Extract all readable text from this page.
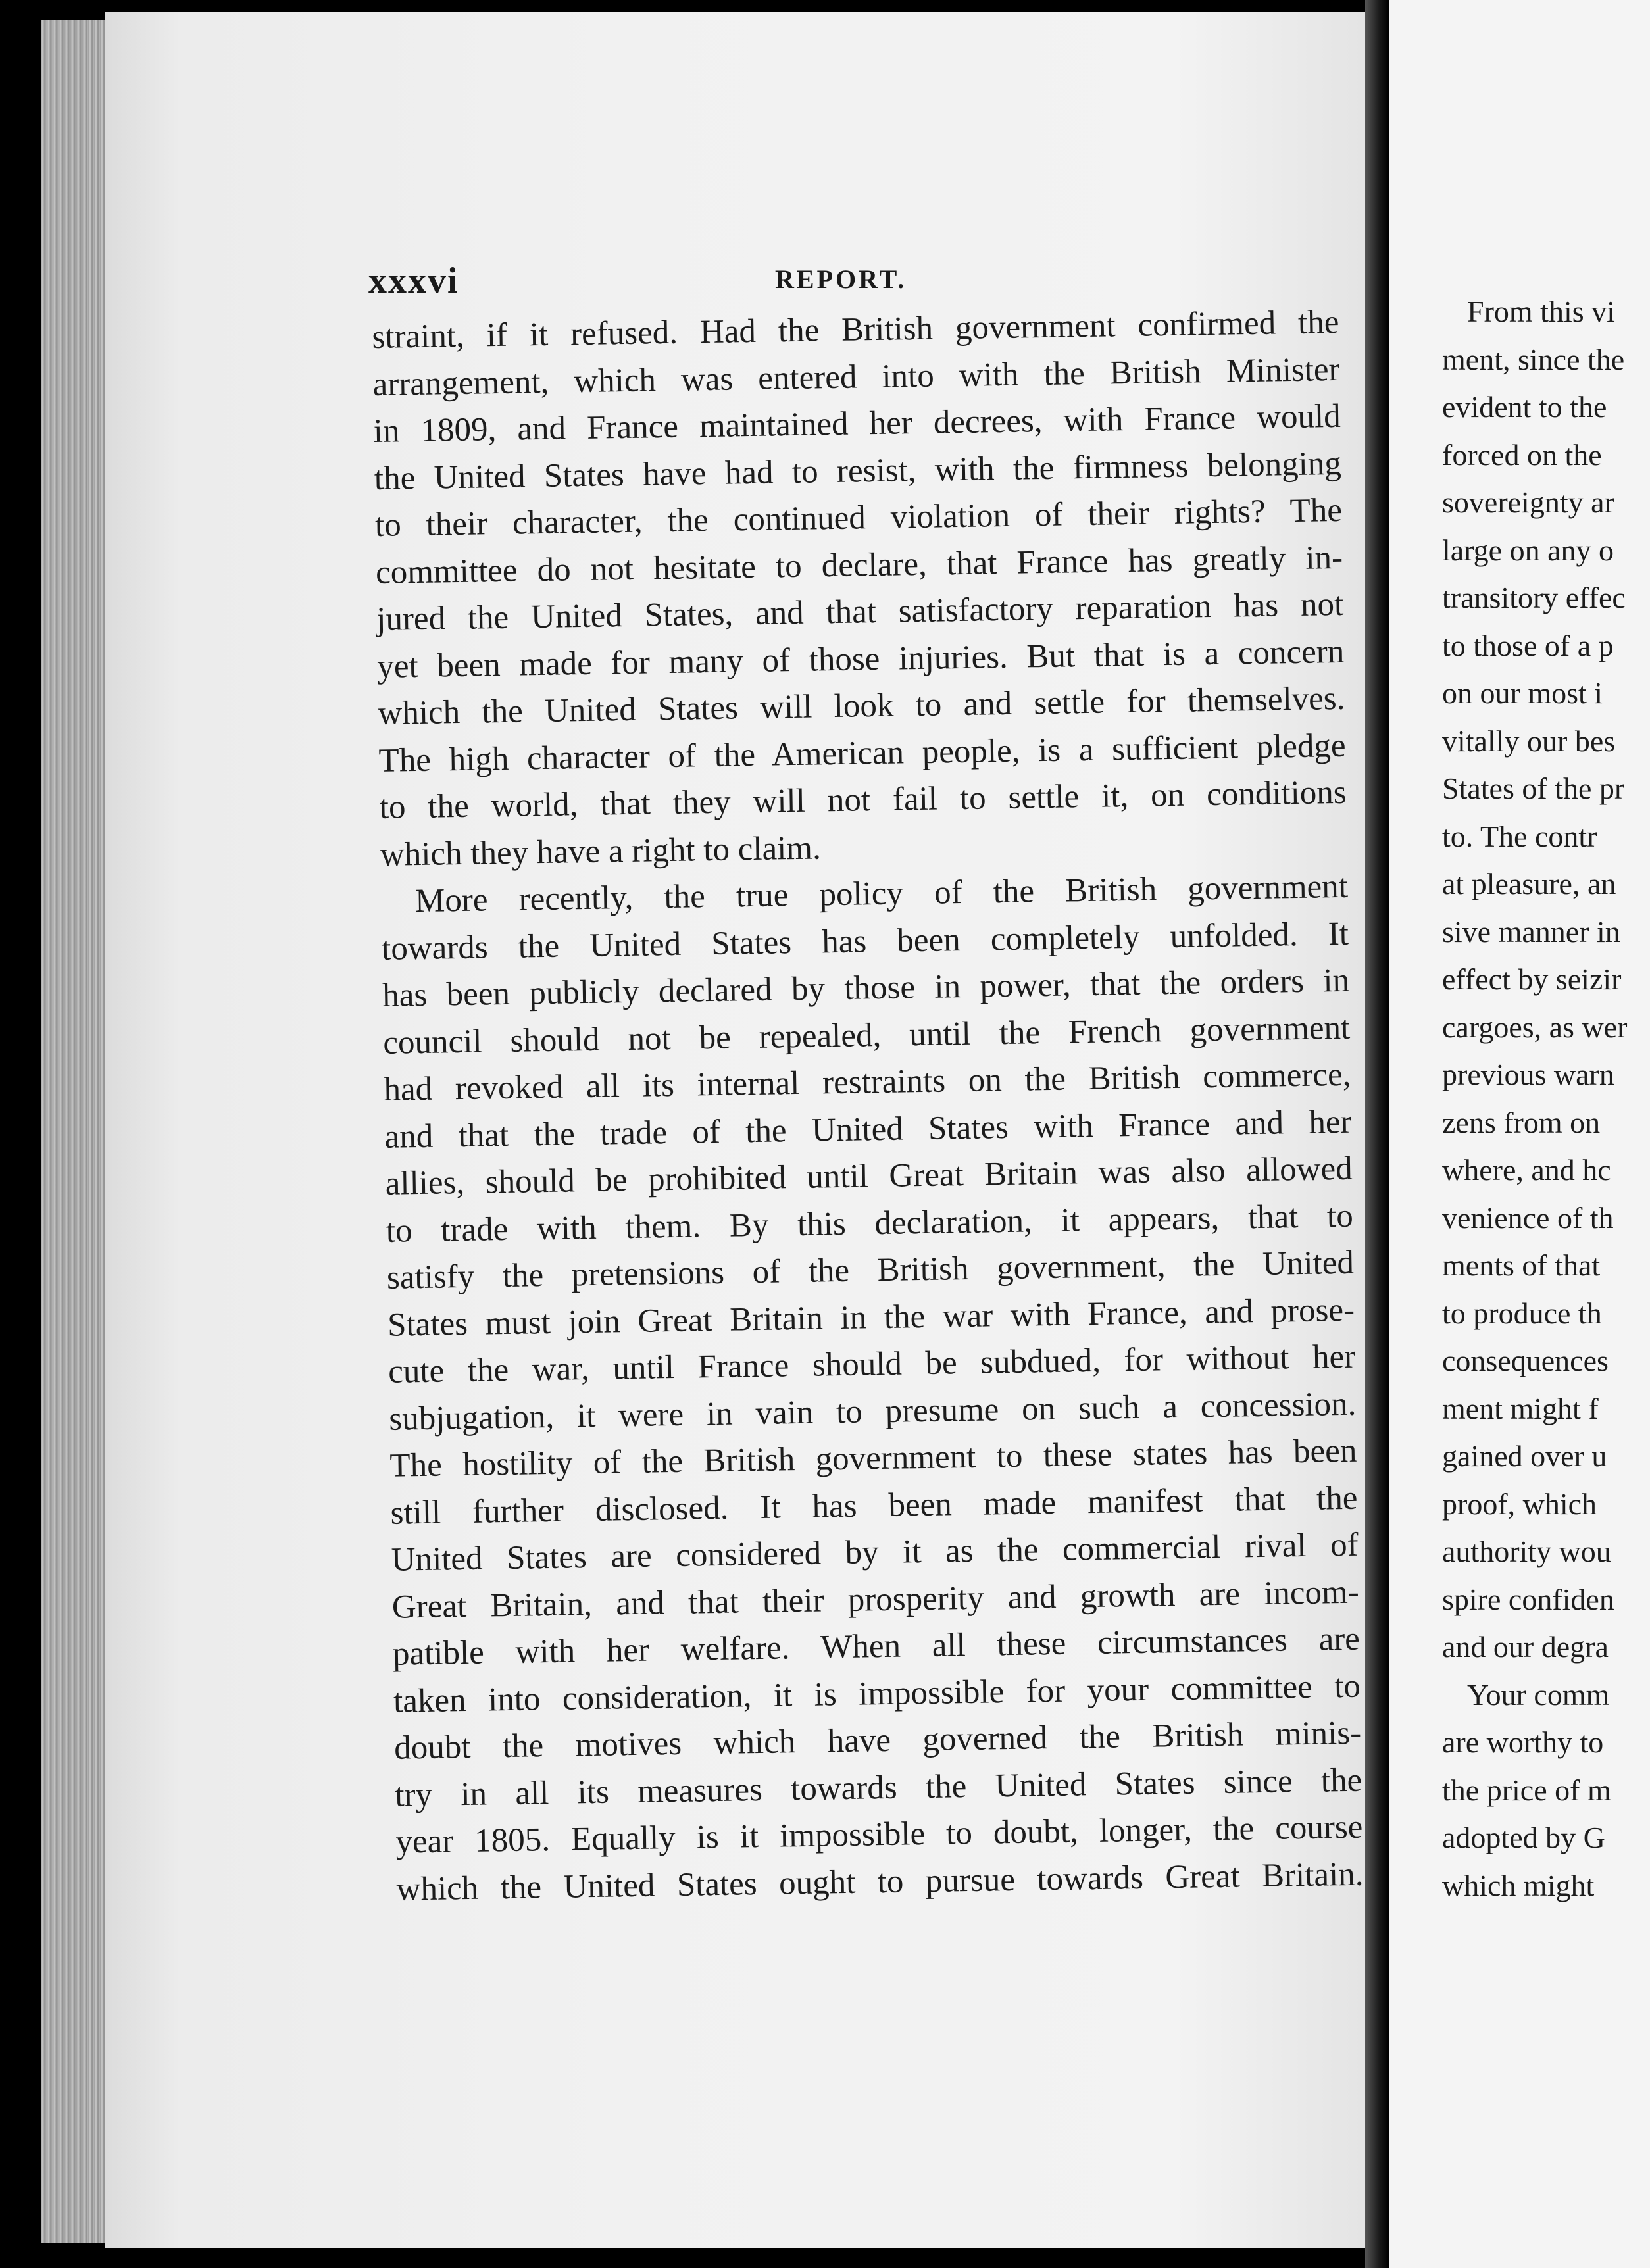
xxxvi	REPORT.
straint, if it refused. Had the British government confirmed the
arrangement, which was entered into with the British Minister
in 1809, and France maintained her decrees, with France would
the United States have had to resist, with the firmness belonging
to their character, the continued violation of their rights? The
committee do not hesitate to declare, that France has greatly in-
jured the United States, and that satisfactory reparation has not
yet been made for many of those injuries. But that is a concern
which the United States will look to and settle for themselves.
The high character of the American people, is a sufficient pledge
to the world, that they will not fail to settle it, on conditions
which they have a right to claim.
More recently, the true policy of the British government
towards the United States has been completely unfolded. It
has been publicly declared by those in power, that the orders in
council should not be repealed, until the French government
had revoked all its internal restraints on the British commerce,
and that the trade of the United States with France and her
allies, should be prohibited until Great Britain was also allowed
to trade with them. By this declaration, it appears, that to
satisfy the pretensions of the British government, the United
States must join Great Britain in the war with France, and prose-
cute the war, until France should be subdued, for without her
subjugation, it were in vain to presume on such a concession.
The hostility of the British government to these states has been
still further disclosed. It has been made manifest that the
United States are considered by it as the commercial rival of
Great Britain, and that their prosperity and growth are incom-
patible with her welfare. When all these circumstances are
taken into consideration, it is impossible for your committee to
doubt the motives which have governed the British minis-
try in all its measures towards the United States since the
year 1805. Equally is it impossible to doubt, longer, the course
which the United States ought to pursue towards Great Britain.
From this vi
ment, since the
evident to the
forced on the
sovereignty ar
large on any o
transitory effec
to those of a p
on our most i
vitally our bes
States of the pr
to. The contr
at pleasure, an
sive manner in
effect by seizir
cargoes, as wer
previous warn
zens from on
where, and hc
venience of th
ments of that
to produce th
consequences
ment might f
gained over u
proof, which
authority wou
spire confiden
and our degra
Your comm
are worthy to
the price of m
adopted by G
which might
